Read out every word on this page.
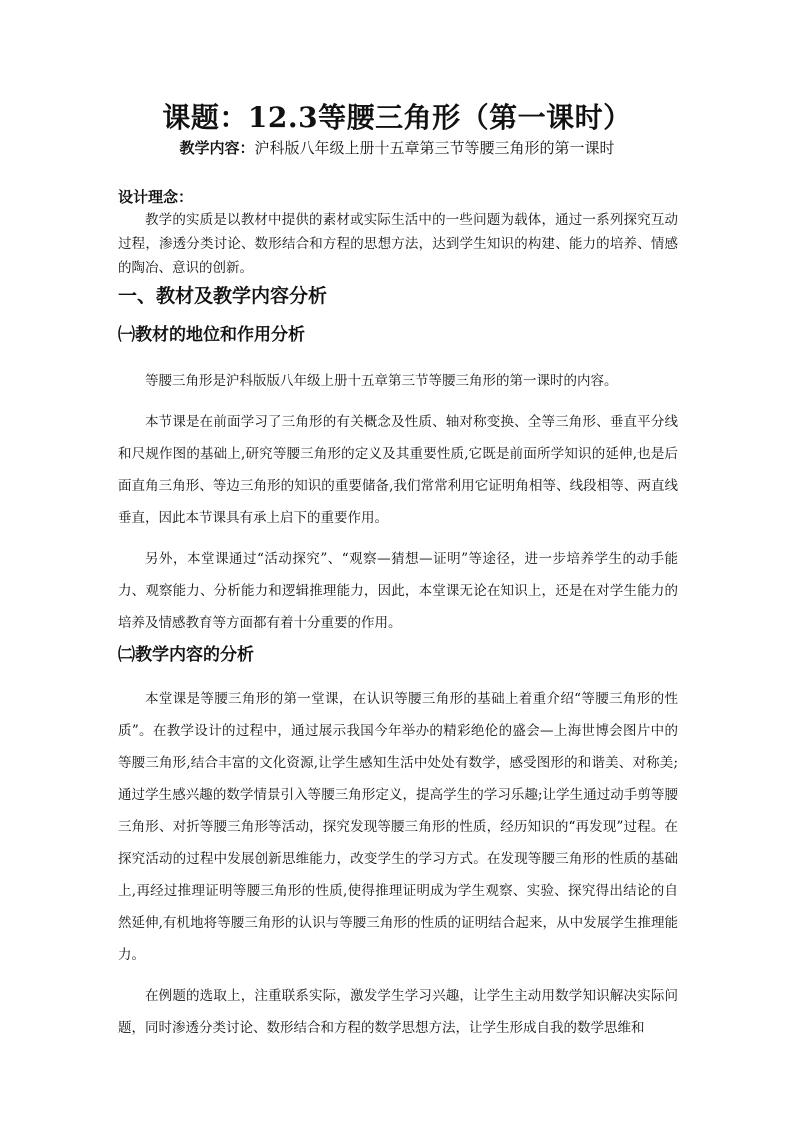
课题：12.3等腰三角形（第一课时）
教学内容：沪科版八年级上册十五章第三节等腰三角形的第一课时
设计理念：
教学的实质是以教材中提供的素材或实际生活中的一些问题为载体，通过一系列探究互动过程，渗透分类讨论、数形结合和方程的思想方法，达到学生知识的构建、能力的培养、情感的陶冶、意识的创新。
一、教材及教学内容分析
㈠教材的地位和作用分析
等腰三角形是沪科版版八年级上册十五章第三节等腰三角形的第一课时的内容。
本节课是在前面学习了三角形的有关概念及性质、轴对称变换、全等三角形、垂直平分线和尺规作图的基础上,研究等腰三角形的定义及其重要性质,它既是前面所学知识的延伸,也是后面直角三角形、等边三角形的知识的重要储备,我们常常利用它证明角相等、线段相等、两直线垂直，因此本节课具有承上启下的重要作用。
另外，本堂课通过“活动探究”、“观察—猜想—证明”等途径，进一步培养学生的动手能力、观察能力、分析能力和逻辑推理能力，因此，本堂课无论在知识上，还是在对学生能力的培养及情感教育等方面都有着十分重要的作用。
㈡教学内容的分析
本堂课是等腰三角形的第一堂课，在认识等腰三角形的基础上着重介绍“等腰三角形的性质”。在教学设计的过程中，通过展示我国今年举办的精彩绝伦的盛会—上海世博会图片中的等腰三角形,结合丰富的文化资源,让学生感知生活中处处有数学，感受图形的和谐美、对称美;通过学生感兴趣的数学情景引入等腰三角形定义，提高学生的学习乐趣;让学生通过动手剪等腰三角形、对折等腰三角形等活动，探究发现等腰三角形的性质，经历知识的“再发现”过程。在探究活动的过程中发展创新思维能力，改变学生的学习方式。在发现等腰三角形的性质的基础上,再经过推理证明等腰三角形的性质,使得推理证明成为学生观察、实验、探究得出结论的自然延伸,有机地将等腰三角形的认识与等腰三角形的性质的证明结合起来，从中发展学生推理能力。
在例题的选取上，注重联系实际，激发学生学习兴趣，让学生主动用数学知识解决实际问题，同时渗透分类讨论、数形结合和方程的数学思想方法，让学生形成自我的数学思维和
